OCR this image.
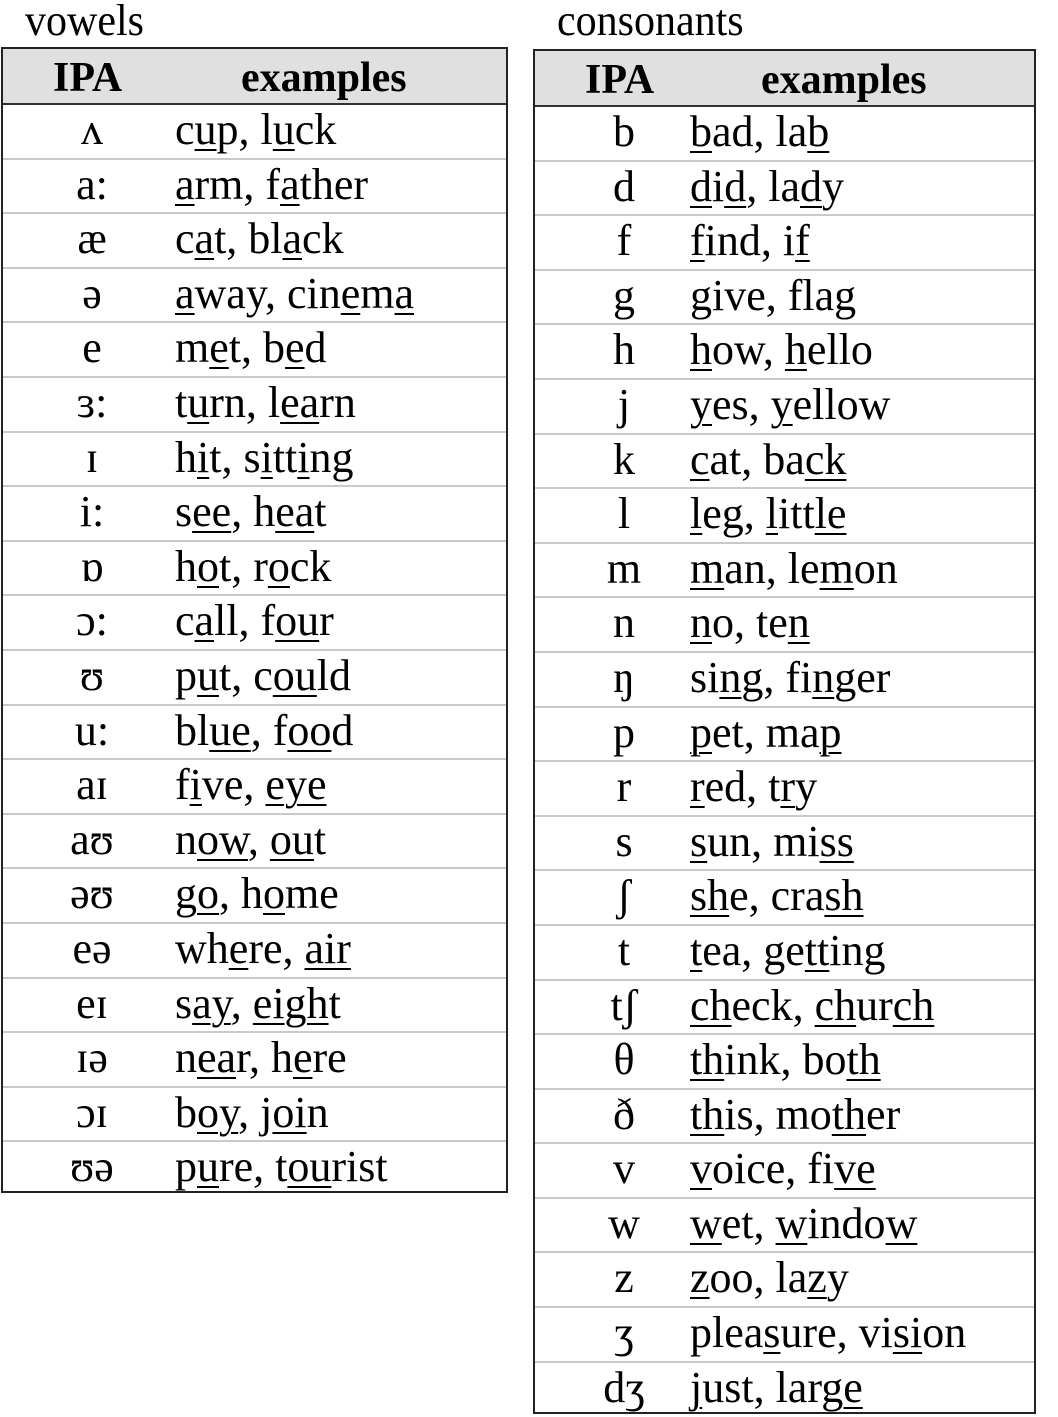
vowels	consonants
IPA	examples
ʌ	cup, luck
a:	arm, father
æ	cat, black
ə	away, cinema
e	met, bed
ɜ:	turn, learn
ɪ	hit, sitting
i:	see, heat
ɒ	hot, rock
ɔ:	call, four
ʊ	put, could
u:	blue, food
aɪ	five, eye
aʊ	now, out
əʊ	go, home
eə	where, air
eɪ	say, eight
ɪə	near, here
ɔɪ	boy, join
ʊə	pure, tourist
IPA	examples
b	bad, lab
d	did, lady
f	find, if
g	give, flag
h	how, hello
j	yes, yellow
k	cat, back
l	leg, little
m	man, lemon
n	no, ten
ŋ	sing, finger
p	pet, map
r	red, try
s	sun, miss
ʃ	she, crash
t	tea, getting
tʃ	check, church
θ	think, both
ð	this, mother
v	voice, five
w	wet, window
z	zoo, lazy
ʒ	pleasure, vision
dʒ	just, large
